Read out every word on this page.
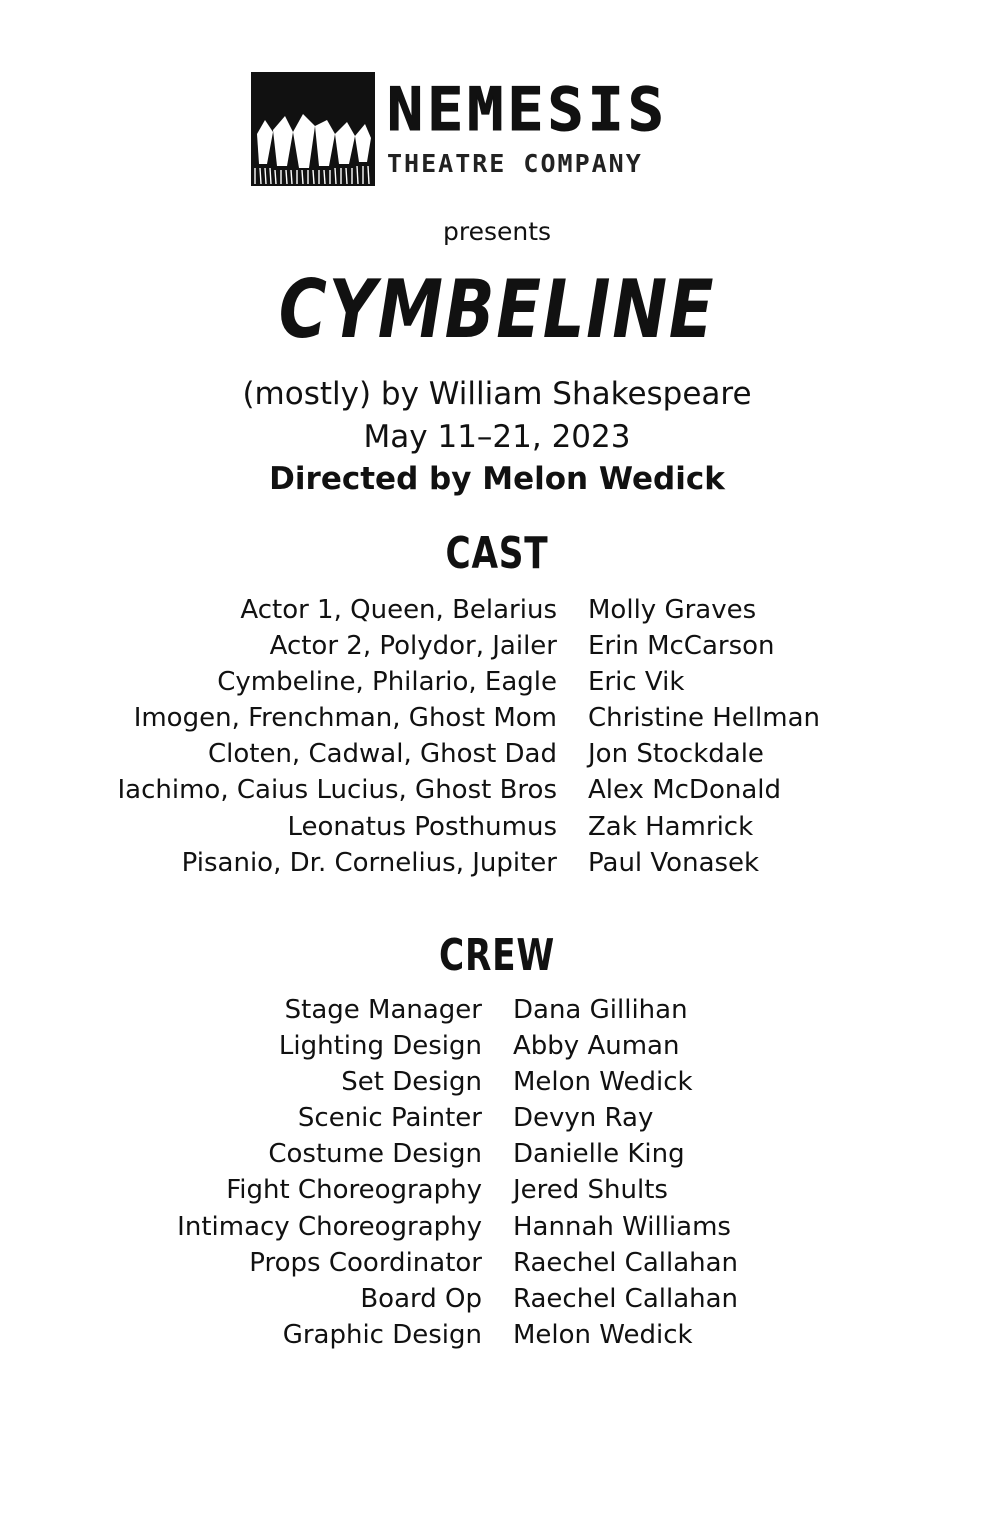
NEMESIS
THEATRE COMPANY
presents
CYMBELINE
(mostly) by William Shakespeare
May 11–21, 2023
Directed by Melon Wedick
CAST
Actor 1, Queen, Belarius Molly Graves
Actor 2, Polydor, Jailer Erin McCarson
Cymbeline, Philario, Eagle Eric Vik
Imogen, Frenchman, Ghost Mom Christine Hellman
Cloten, Cadwal, Ghost Dad Jon Stockdale
Iachimo, Caius Lucius, Ghost Bros Alex McDonald
Leonatus Posthumus Zak Hamrick
Pisanio, Dr. Cornelius, Jupiter Paul Vonasek
CREW
Stage Manager Dana Gillihan
Lighting Design Abby Auman
Set Design Melon Wedick
Scenic Painter Devyn Ray
Costume Design Danielle King
Fight Choreography Jered Shults
Intimacy Choreography Hannah Williams
Props Coordinator Raechel Callahan
Board Op Raechel Callahan
Graphic Design Melon Wedick
